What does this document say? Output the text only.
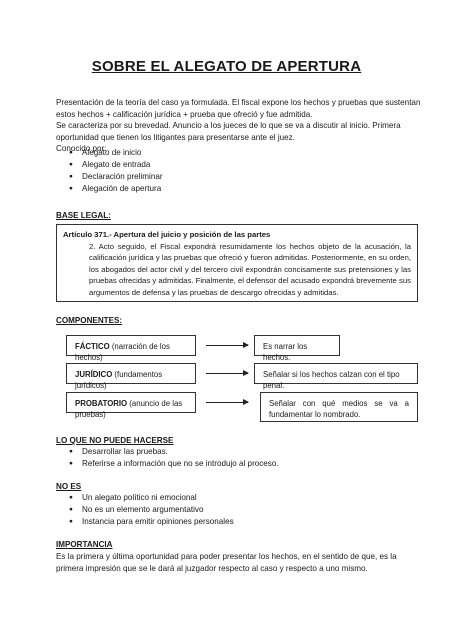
SOBRE EL ALEGATO DE APERTURA
Presentación de la teoría del caso ya formulada. El fiscal expone los hechos y pruebas que sustentan
estos hechos + calificación jurídica + prueba que ofreció y fue admitida.
Se caracteriza por su brevedad. Anuncio a los jueces de lo que se va a discutir al inicio. Primera
oportunidad que tienen los litigantes para presentarse ante el juez.
Conocido por:
● Alegato de inicio
● Alegato de entrada
● Declaración preliminar
● Alegación de apertura
BASE LEGAL:
Artículo 371.- Apertura del juicio y posición de las partes
2. Acto seguido, el Fiscal expondrá resumidamente los hechos objeto de la acusación, la calificación jurídica y las pruebas que ofreció y fueron admitidas. Posteriormente, en su orden, los abogados del actor civil y del tercero civil expondrán concisamente sus pretensiones y las pruebas ofrecidas y admitidas. Finalmente, el defensor del acusado expondrá brevemente sus argumentos de defensa y las pruebas de descargo ofrecidas y admitidas.
COMPONENTES:
FÁCTICO (narración de los hechos)
Es narrar los hechos.
JURÍDICO (fundamentos jurídicos)
Señalar si los hechos calzan con el tipo penal.
PROBATORIO (anuncio de las pruebas)
Señalar con qué medios se va a fundamentar lo nombrado.
LO QUE NO PUEDE HACERSE
● Desarrollar las pruebas.
● Referirse a información que no se introdujo al proceso.
NO ES
● Un alegato político ni emocional
● No es un elemento argumentativo
● Instancia para emitir opiniones personales
IMPORTANCIA
Es la primera y última oportunidad para poder presentar los hechos, en el sentido de que, es la primera impresión que se le dará al juzgador respecto al caso y respecto a uno mismo.
